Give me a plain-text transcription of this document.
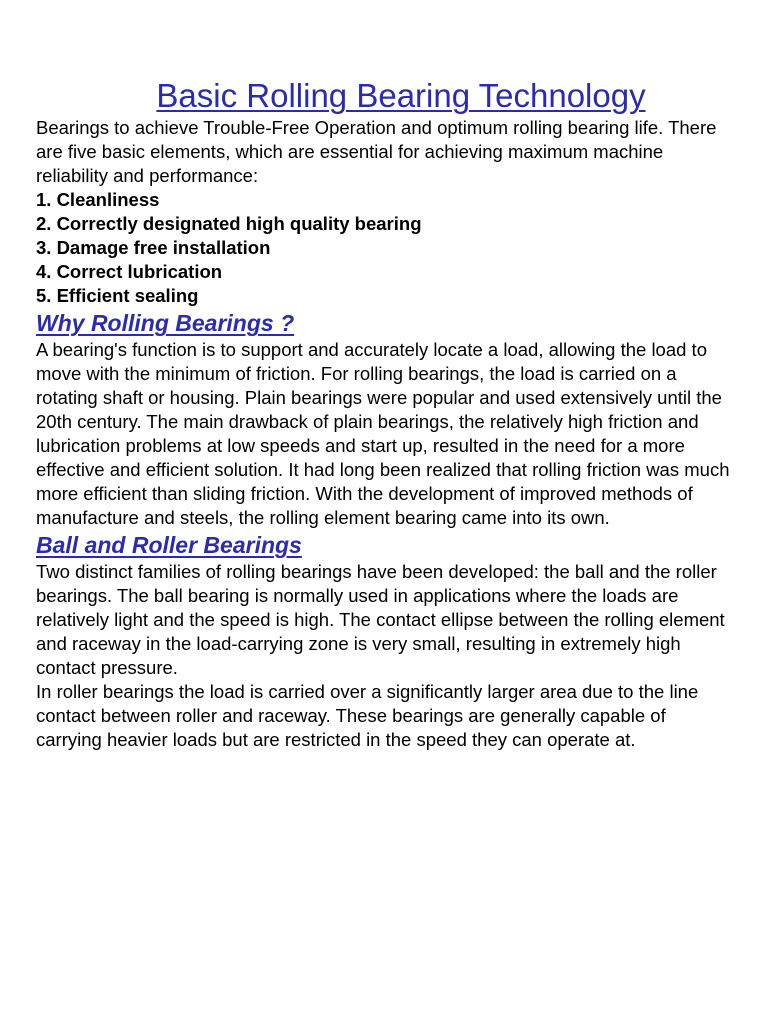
Basic Rolling Bearing Technology

Bearings to achieve Trouble-Free Operation and optimum rolling bearing life. There are five basic elements, which are essential for achieving maximum machine reliability and performance:

1. Cleanliness
2. Correctly designated high quality bearing
3. Damage free installation
4. Correct lubrication
5. Efficient sealing
Why Rolling Bearings ?

A bearing's function is to support and accurately locate a load, allowing the load to move with the minimum of friction. For rolling bearings, the load is carried on a rotating shaft or housing. Plain bearings were popular and used extensively until the 20th century. The main drawback of plain bearings, the relatively high friction and lubrication problems at low speeds and start up, resulted in the need for a more effective and efficient solution. It had long been realized that rolling friction was much more efficient than sliding friction. With the development of improved methods of manufacture and steels, the rolling element bearing came into its own.

Ball and Roller Bearings

Two distinct families of rolling bearings have been developed: the ball and the roller bearings. The ball bearing is normally used in applications where the loads are relatively light and the speed is high. The contact ellipse between the rolling element and raceway in the load-carrying zone is very small, resulting in extremely high contact pressure.

In roller bearings the load is carried over a significantly larger area due to the line contact between roller and raceway. These bearings are generally capable of carrying heavier loads but are restricted in the speed they can operate at.
